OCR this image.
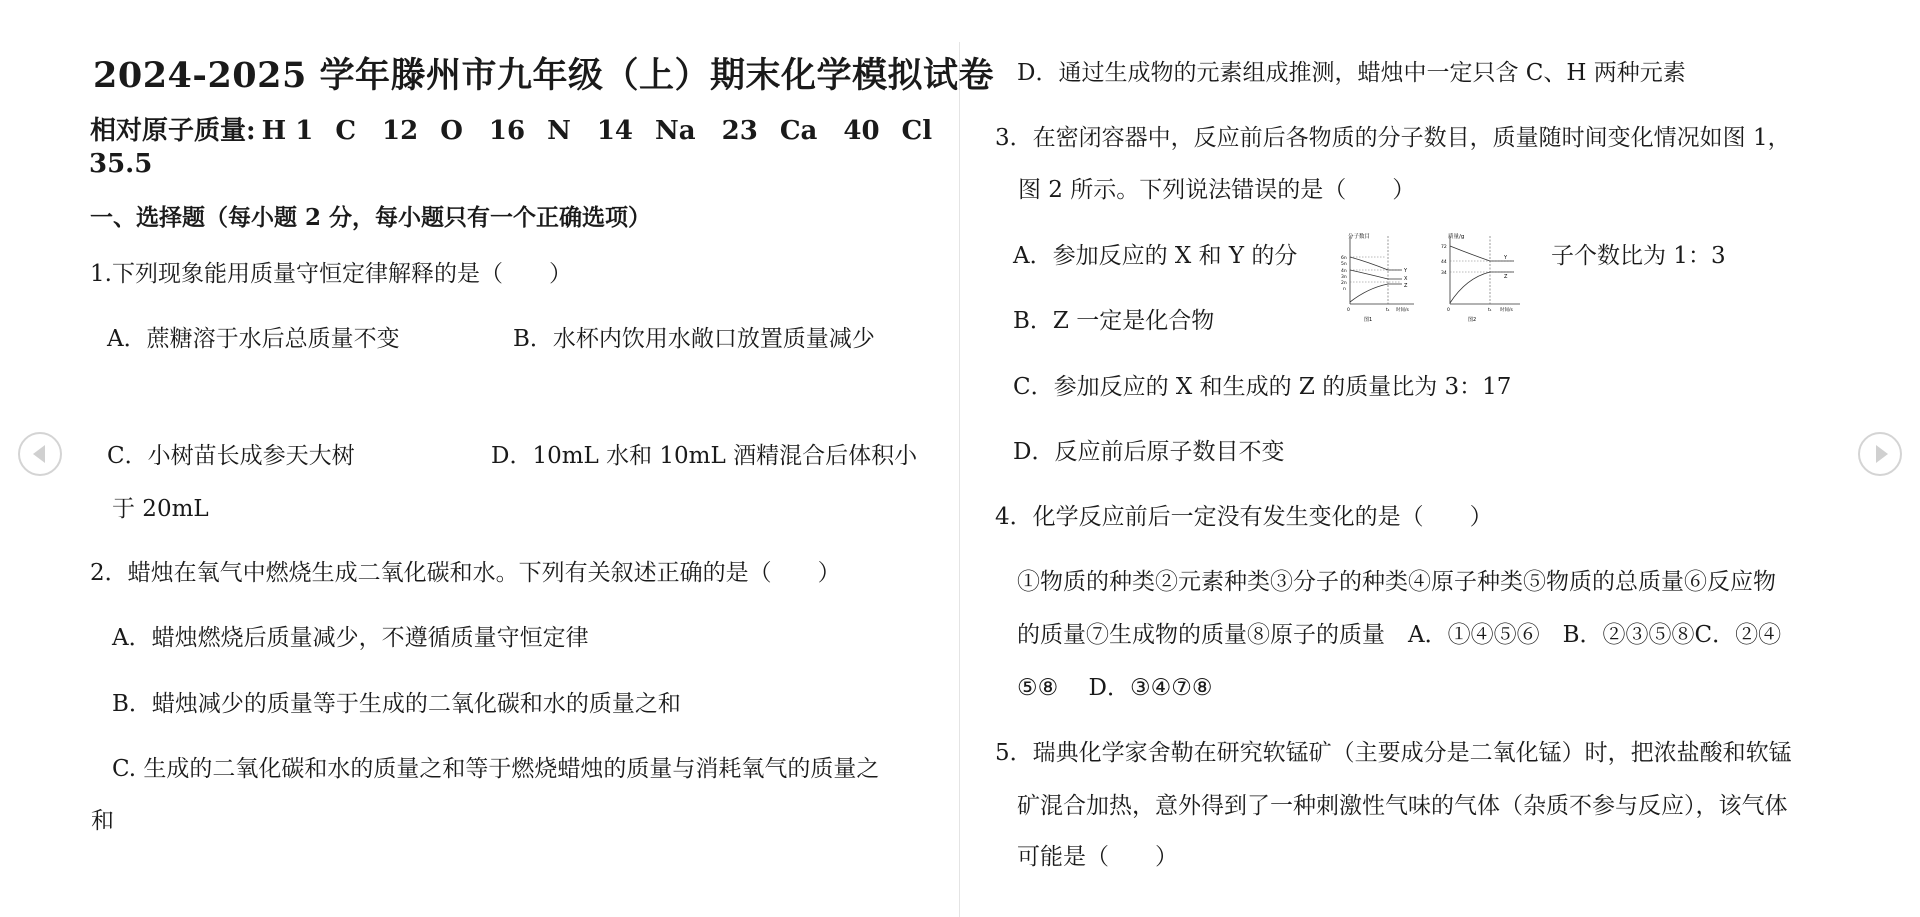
2024-2025 学年滕州市九年级（上）期末化学模拟试卷
相对原子质量: H 1 C　12 O　16 N　14 Na　23 Ca　40 Cl
35.5
一、选择题（每小题 2 分，每小题只有一个正确选项）
1.下列现象能用质量守恒定律解释的是（　　）
A．蔗糖溶于水后总质量不变	B．水杯内饮用水敞口放置质量减少
C．小树苗长成参天大树	D．10mL 水和 10mL 酒精混合后体积小
于 20mL
2．蜡烛在氧气中燃烧生成二氧化碳和水。下列有关叙述正确的是（　　）
A．蜡烛燃烧后质量减少，不遵循质量守恒定律
B．蜡烛减少的质量等于生成的二氧化碳和水的质量之和
C. 生成的二氧化碳和水的质量之和等于燃烧蜡烛的质量与消耗氧气的质量之
和
D．通过生成物的元素组成推测，蜡烛中一定只含 C、H 两种元素
3．在密闭容器中，反应前后各物质的分子数目，质量随时间变化情况如图 1，
图 2 所示。下列说法错误的是（　　）
A．参加反应的 X 和 Y 的分	子个数比为 1：3
B．Z 一定是化合物
C．参加反应的 X 和生成的 Z 的质量比为 3：17
D．反应前后原子数目不变
4．化学反应前后一定没有发生变化的是（　　）
①物质的种类②元素种类③分子的种类④原子种类⑤物质的总质量⑥反应物
的质量⑦生成物的质量⑧原子的质量　A．①④⑤⑥　B．②③⑤⑧C．②④
⑤⑧　 D．③④⑦⑧
5．瑞典化学家舍勒在研究软锰矿（主要成分是二氧化锰）时，把浓盐酸和软锰
矿混合加热，意外得到了一种刺激性气味的气体（杂质不参与反应），该气体
可能是（　　）
分子数目
6n
5n
4n
3n
2n
n
Y
X
Z
0	t₁ 时间/s
图1
质量/g
72
44
34
Y
Z
0	t₁ 时间/s
图2
